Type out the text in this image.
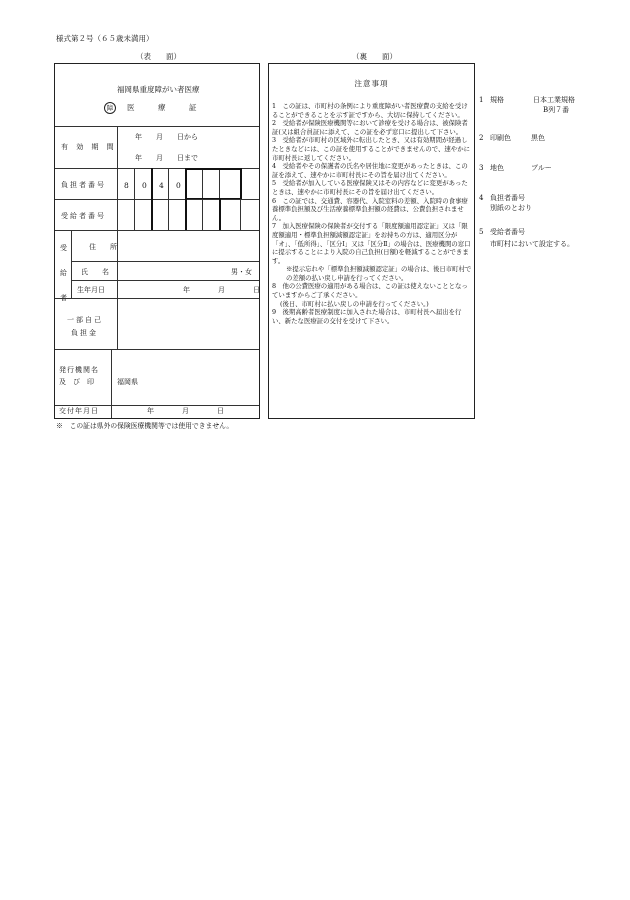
様式第２号（６５歳未満用）
（表　　面）	（裏　　面）
福岡県重度障がい者医療
障	医　療　証
有 効 期 間
年　　月　　日から
年　　月　　日まで
負担者番号 8 0 4 0
受給者番号
受給者
住　　所
氏　　名	男・女
生年月日	年　　　　月　　　　日
一部自己
負担金
発行機関名
及　び　印	福岡県
交付年月日	年　　　　月　　　　日
注意事項

1　この証は、市町村の条例により重度障がい者医療費の支給を受けることができることを示す証ですから、大切に保持してください。

2　受給者が保険医療機関等において診療を受ける場合は、被保険者証(又は組合員証)に添えて、この証を必ず窓口に提出して下さい。

3　受給者が市町村の区域外に転出したとき、又は有効期間が経過したときなどには、この証を使用することができませんので、速やかに市町村長に返してください。

4　受給者やその保護者の氏名や居住地に変更があったときは、この証を添えて、速やかに市町村長にその旨を届け出てください。

5　受給者が加入している医療保険又はその内容などに変更があったときは、速やかに市町村長にその旨を届け出てください。

6　この証では、交通費、容器代、入院室料の差額、入院時の食事療養標準負担額及び生活療養標準負担額の経費は、公費負担されません。

7　加入医療保険の保険者が交付する「限度額適用認定証」又は「限度額適用・標準負担額減額認定証」をお持ちの方は、適用区分が「オ」、「低所得」、「区分Ⅰ」又は「区分Ⅱ」の場合は、医療機関の窓口に提示することにより入院の自己負担(日額)を軽減することができます。

※提示忘れや「標準負担額減額認定証」の場合は、後日市町村での差額の払い戻し申請を行ってください。

8　他の公費医療の適用がある場合は、この証は使えないこととなっていますからご了承ください。

(後日、市町村に払い戻しの申請を行ってください。)

9　後期高齢者医療制度に加入された場合は、市町村長へ届出を行い、新たな医療証の交付を受けて下さい。

1 規格	日本工業規格
B列７番
2 印刷色	黒色
3 地色	ブルー
4 負担者番号
別紙のとおり
5 受給者番号
市町村において設定する。
※　この証は県外の保険医療機関等では使用できません。
